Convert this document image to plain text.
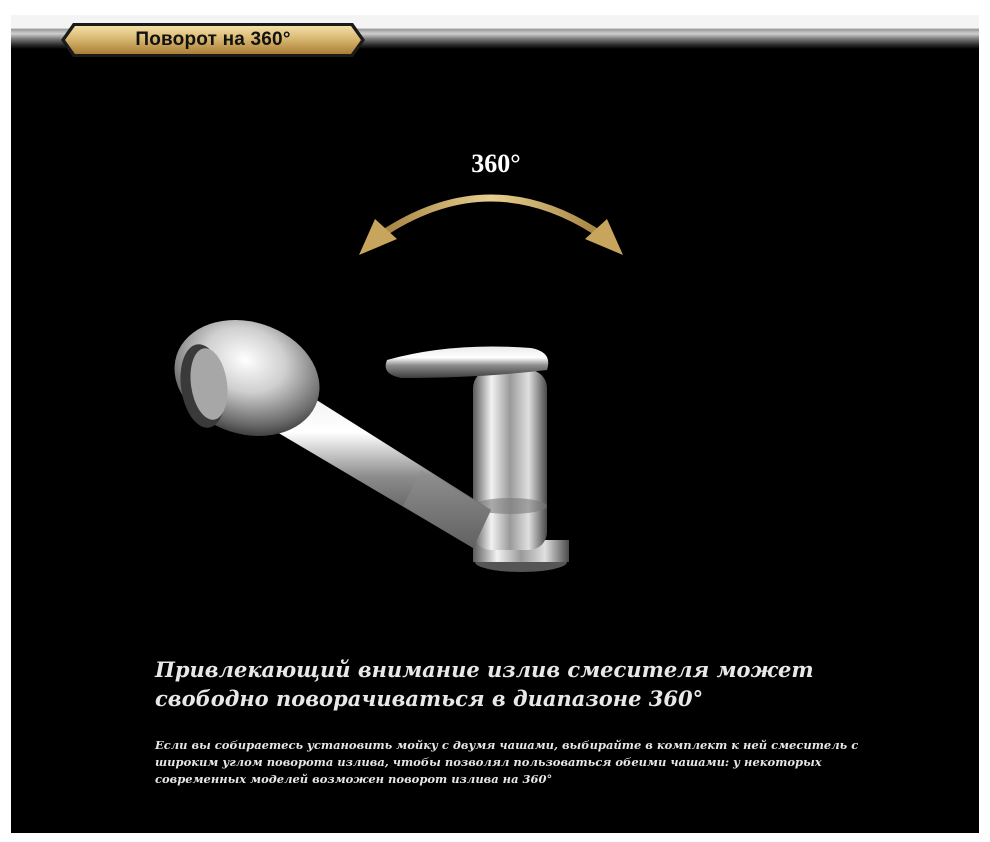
Поворот на 360°
360°
Привлекающий внимание излив смесителя может свободно поворачиваться в диапазоне 360°
Если вы собираетесь установить мойку с двумя чашами, выбирайте в комплект к ней смеситель с широким углом поворота излива, чтобы позволял пользоваться обеими чашами: у некоторых современных моделей возможен поворот излива на 360°
